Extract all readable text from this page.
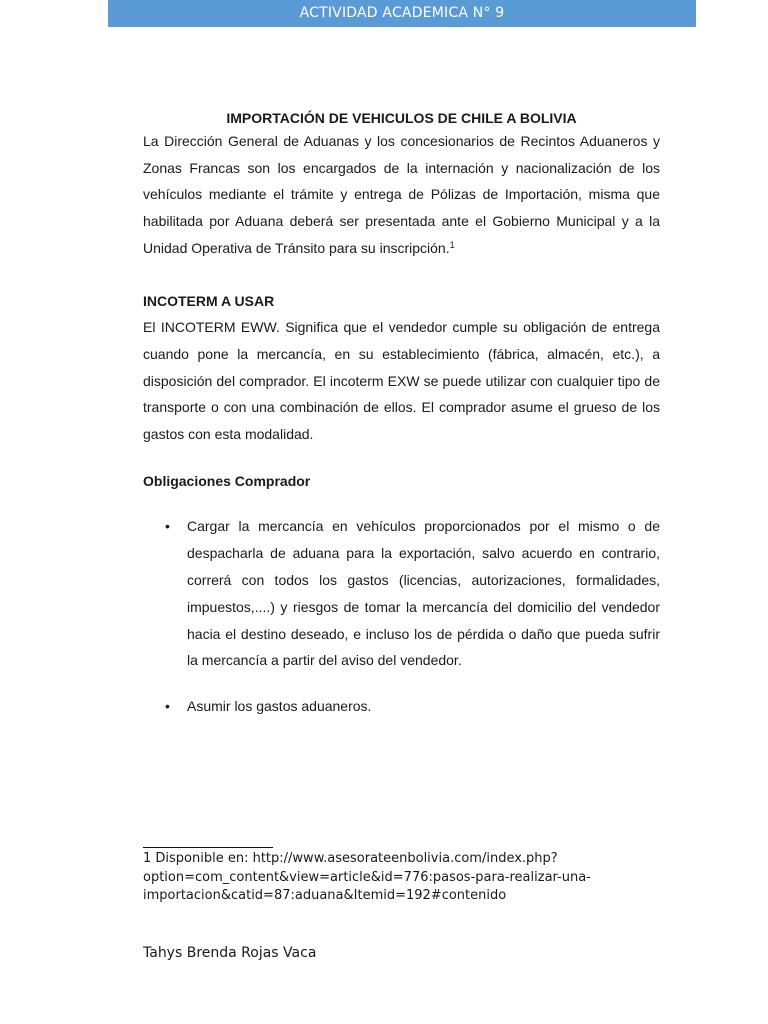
ACTIVIDAD ACADEMICA N° 9
IMPORTACIÓN DE VEHICULOS DE CHILE A BOLIVIA

La Dirección General de Aduanas y los concesionarios de Recintos Aduaneros y Zonas Francas son los encargados de la internación y nacionalización de los vehículos mediante el trámite y entrega de Pólizas de Importación, misma que habilitada por Aduana deberá ser presentada ante el Gobierno Municipal y a la Unidad Operativa de Tránsito para su inscripción.$^1$

INCOTERM A USAR

El INCOTERM EWW. Significa que el vendedor cumple su obligación de entrega cuando pone la mercancía, en su establecimiento (fábrica, almacén, etc.), a disposición del comprador. El incoterm EXW se puede utilizar con cualquier tipo de transporte o con una combinación de ellos. El comprador asume el grueso de los gastos con esta modalidad.

Obligaciones Comprador
• Cargar la mercancía en vehículos proporcionados por el mismo o de despacharla de aduana para la exportación, salvo acuerdo en contrario, correrá con todos los gastos (licencias, autorizaciones, formalidades, impuestos,....) y riesgos de tomar la mercancía del domicilio del vendedor hacia el destino deseado, e incluso los de pérdida o daño que pueda sufrir la mercancía a partir del aviso del vendedor.
• Asumir los gastos aduaneros.

1 Disponible en: http://www.asesorateenbolivia.com/index.php?option=com_content&view=article&id=776:pasos-para-realizar-una-importacion&catid=87:aduana&Itemid=192#contenido

Tahys Brenda Rojas Vaca
